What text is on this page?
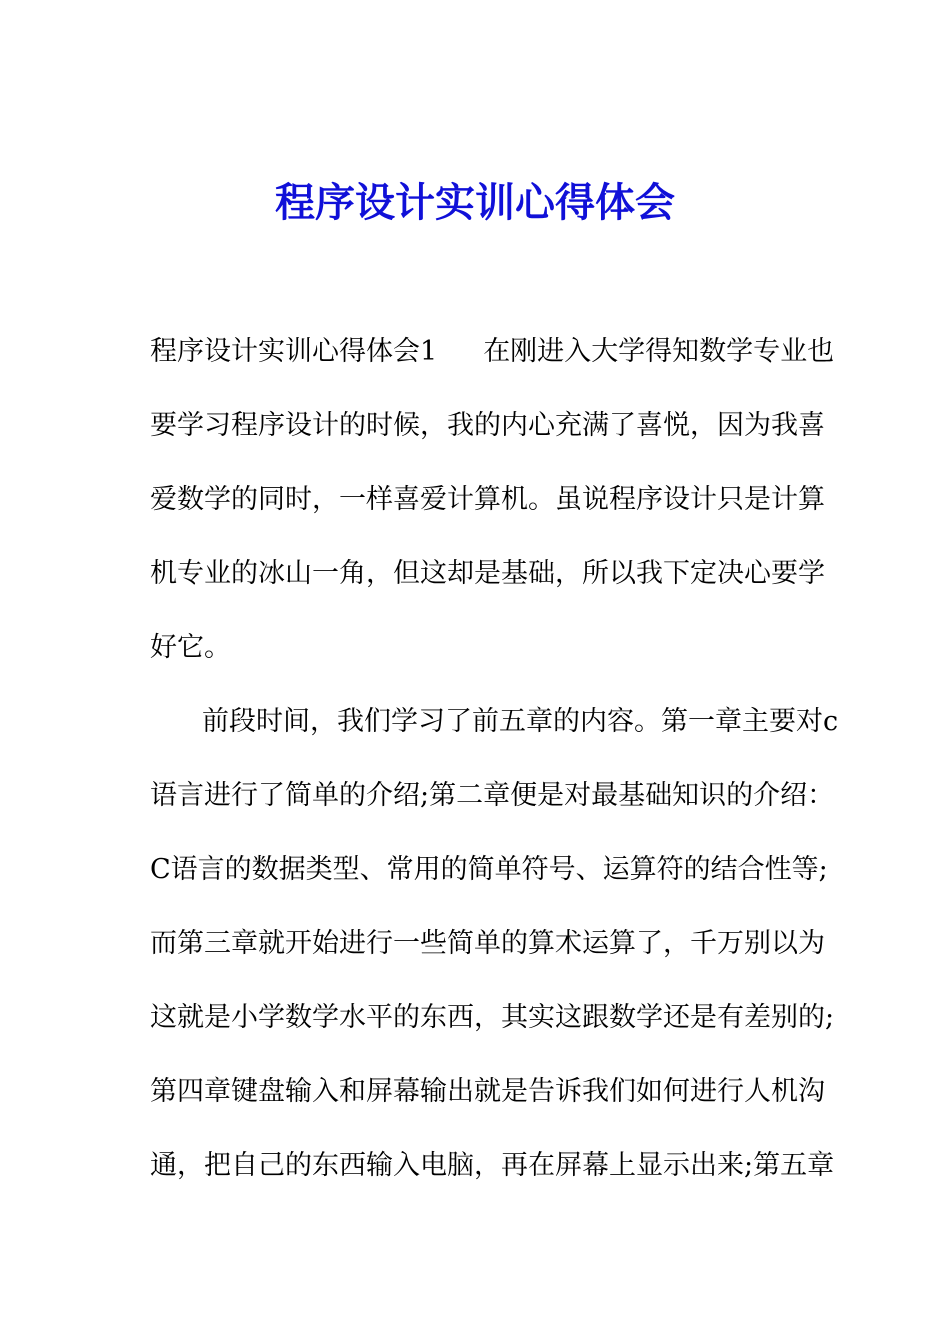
程序设计实训心得体会

程序设计实训心得体会1 在刚进入大学得知数学专业也

要学习程序设计的时候，我的内心充满了喜悦，因为我喜

爱数学的同时，一样喜爱计算机。虽说程序设计只是计算

机专业的冰山一角，但这却是基础，所以我下定决心要学

好它。

前段时间，我们学习了前五章的内容。第一章主要对c

语言进行了简单的介绍;第二章便是对最基础知识的介绍：

C语言的数据类型、常用的简单符号、运算符的结合性等;

而第三章就开始进行一些简单的算术运算了，千万别以为

这就是小学数学水平的东西，其实这跟数学还是有差别的;

第四章键盘输入和屏幕输出就是告诉我们如何进行人机沟

通，把自己的东西输入电脑，再在屏幕上显示出来;第五章
